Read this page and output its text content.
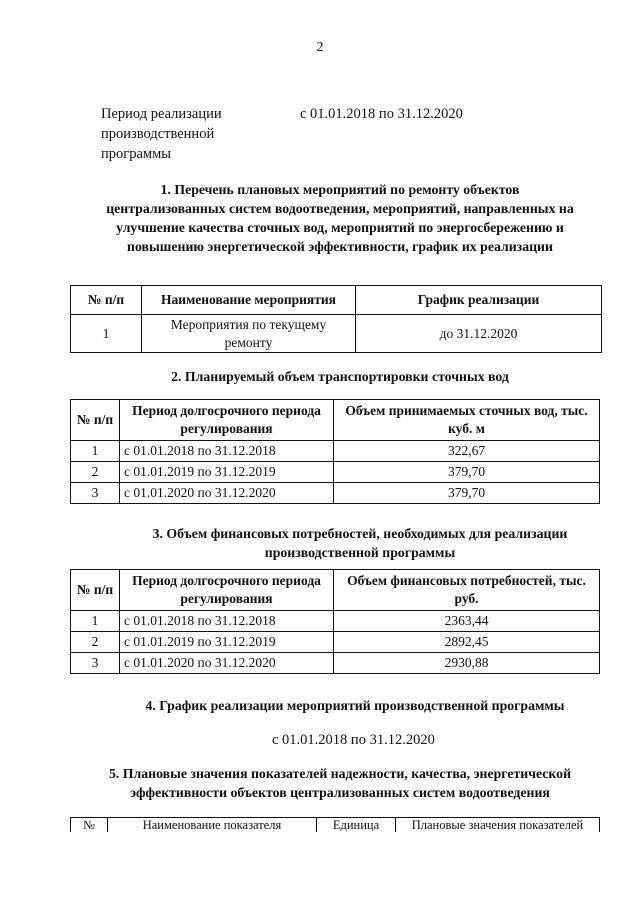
2
Период реализации производственной программы
с 01.01.2018 по 31.12.2020
1. Перечень плановых мероприятий по ремонту объектов централизованных систем водоотведения, мероприятий, направленных на улучшение качества сточных вод, мероприятий по энергосбережению и повышению энергетической эффективности, график их реализации
№ п/п	Наименование мероприятия	График реализации
1	Мероприятия по текущему ремонту	до 31.12.2020
2. Планируемый объем транспортировки сточных вод
№ п/п	Период долгосрочного периода регулирования	Объем принимаемых сточных вод, тыс. куб. м
1	с 01.01.2018 по 31.12.2018	322,67
2	с 01.01.2019 по 31.12.2019	379,70
3	с 01.01.2020 по 31.12.2020	379,70
3. Объем финансовых потребностей, необходимых для реализации производственной программы
№ п/п	Период долгосрочного периода регулирования	Объем финансовых потребностей, тыс. руб.
1	с 01.01.2018 по 31.12.2018	2363,44
2	с 01.01.2019 по 31.12.2019	2892,45
3	с 01.01.2020 по 31.12.2020	2930,88
4. График реализации мероприятий производственной программы
с 01.01.2018 по 31.12.2020
5. Плановые значения показателей надежности, качества, энергетической эффективности объектов централизованных систем водоотведения
№	Наименование показателя	Единица	Плановые значения показателей
